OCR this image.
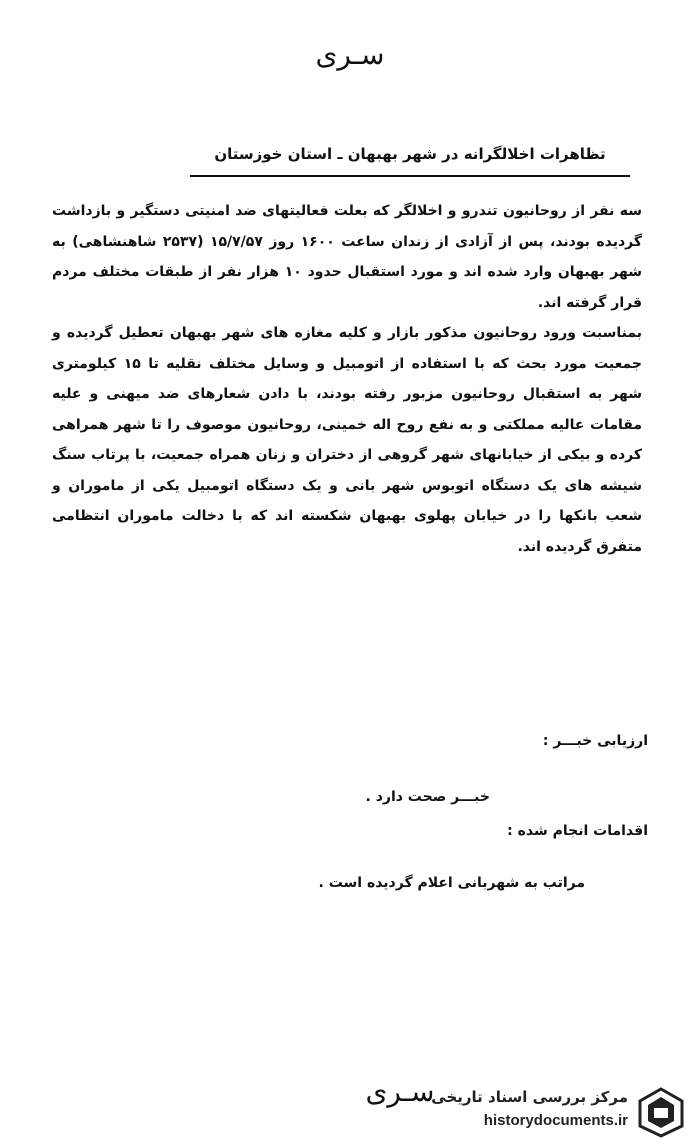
سـری
تظاهرات اخلالگرانه در شهر بهبهان ـ استان خوزستان

سه نفر از روحانیون تندرو و اخلالگر که بعلت فعالیتهای ضد امنیتی دستگیر و بازداشت گردیده بودند، پس از آزادی از زندان ساعت ۱۶۰۰ روز ۱۵/۷/۵۷ (۲۵۳۷ شاهنشاهی) به شهر بهبهان وارد شده اند و مورد استقبال حدود ۱۰ هزار نفر از طبقات مختلف مردم قرار گرفته اند.

بمناسبت ورود روحانیون مذکور بازار و کلیه مغازه های شهر بهبهان تعطیل گردیده و جمعیت مورد بحث که با استفاده از اتومبیل و وسایل مختلف نقلیه تا ۱۵ کیلومتری شهر به استقبال روحانیون مزبور رفته بودند، با دادن شعارهای ضد میهنی و علیه مقامات عالیه مملکتی و به نفع روح اله خمینی، روحانیون موصوف را تا شهر همراهی کرده و بیکی از خیابانهای شهر گروهی از دختران و زنان همراه جمعیت، با پرتاب سنگ شیشه های یک دستگاه اتوبوس شهر بانی و یک دستگاه اتومبیل یکی از ماموران و شعب بانکها را در خیابان پهلوی بهبهان شکسته اند که با دخالت ماموران انتظامی متفرق گردیده اند.

ارزیابی خبـــر :
خبـــر صحت دارد .
اقدامات انجام شده :
مراتب به شهربانی اعلام گردیده است .
سـری
مرکز بررسی اسناد تاریخی
historydocuments.ir
